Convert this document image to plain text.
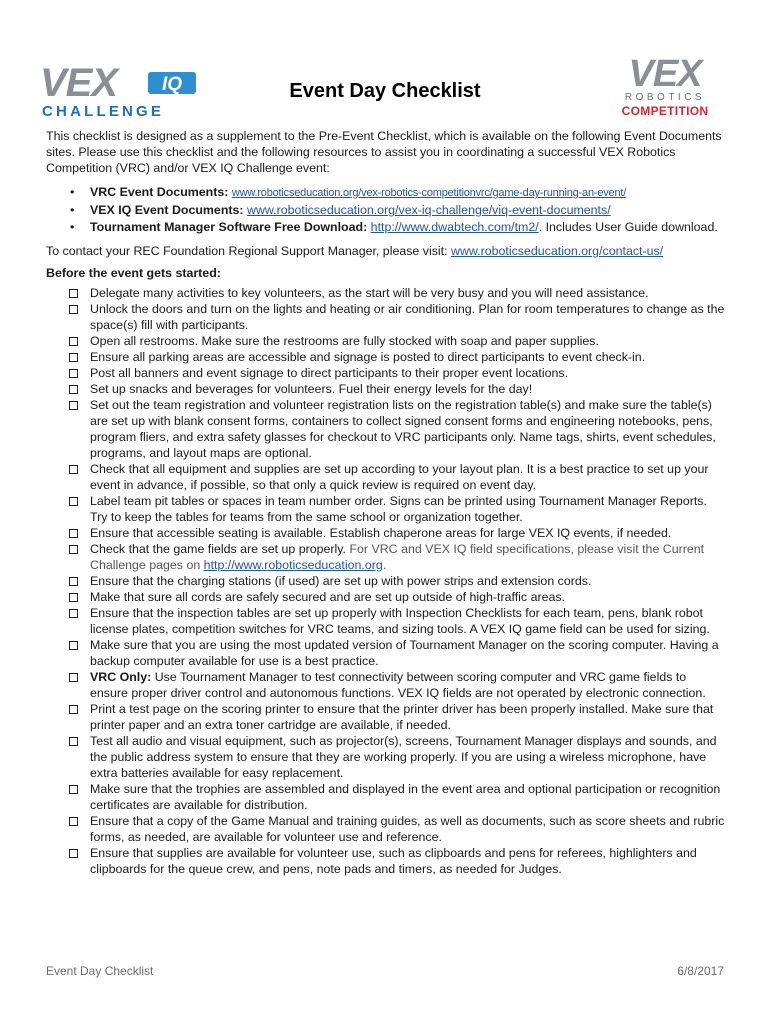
VEX IQ
CHALLENGE
Event Day Checklist	VEX
ROBOTICS
COMPETITION

This checklist is designed as a supplement to the Pre-Event Checklist, which is available on the following Event Documents sites. Please use this checklist and the following resources to assist you in coordinating a successful VEX Robotics Competition (VRC) and/or VEX IQ Challenge event:

• VRC Event Documents: www.roboticseducation.org/vex-robotics-competitionvrc/game-day-running-an-event/
• VEX IQ Event Documents: www.roboticseducation.org/vex-iq-challenge/viq-event-documents/
• Tournament Manager Software Free Download: http://www.dwabtech.com/tm2/. Includes User Guide download.

To contact your REC Foundation Regional Support Manager, please visit: www.roboticseducation.org/contact-us/

Before the event gets started:
Delegate many activities to key volunteers, as the start will be very busy and you will need assistance.
Unlock the doors and turn on the lights and heating or air conditioning. Plan for room temperatures to change as the space(s) fill with participants.
Open all restrooms. Make sure the restrooms are fully stocked with soap and paper supplies.
Ensure all parking areas are accessible and signage is posted to direct participants to event check-in.
Post all banners and event signage to direct participants to their proper event locations.
Set up snacks and beverages for volunteers. Fuel their energy levels for the day!
Set out the team registration and volunteer registration lists on the registration table(s) and make sure the table(s) are set up with blank consent forms, containers to collect signed consent forms and engineering notebooks, pens, program fliers, and extra safety glasses for checkout to VRC participants only. Name tags, shirts, event schedules, programs, and layout maps are optional.
Check that all equipment and supplies are set up according to your layout plan. It is a best practice to set up your event in advance, if possible, so that only a quick review is required on event day.
Label team pit tables or spaces in team number order. Signs can be printed using Tournament Manager Reports. Try to keep the tables for teams from the same school or organization together.
Ensure that accessible seating is available. Establish chaperone areas for large VEX IQ events, if needed.
Check that the game fields are set up properly. For VRC and VEX IQ field specifications, please visit the Current Challenge pages on http://www.roboticseducation.org.
Ensure that the charging stations (if used) are set up with power strips and extension cords.
Make that sure all cords are safely secured and are set up outside of high-traffic areas.
Ensure that the inspection tables are set up properly with Inspection Checklists for each team, pens, blank robot license plates, competition switches for VRC teams, and sizing tools. A VEX IQ game field can be used for sizing.
Make sure that you are using the most updated version of Tournament Manager on the scoring computer. Having a backup computer available for use is a best practice.
VRC Only: Use Tournament Manager to test connectivity between scoring computer and VRC game fields to ensure proper driver control and autonomous functions. VEX IQ fields are not operated by electronic connection.
Print a test page on the scoring printer to ensure that the printer driver has been properly installed. Make sure that printer paper and an extra toner cartridge are available, if needed.
Test all audio and visual equipment, such as projector(s), screens, Tournament Manager displays and sounds, and the public address system to ensure that they are working properly. If you are using a wireless microphone, have extra batteries available for easy replacement.
Make sure that the trophies are assembled and displayed in the event area and optional participation or recognition certificates are available for distribution.
Ensure that a copy of the Game Manual and training guides, as well as documents, such as score sheets and rubric forms, as needed, are available for volunteer use and reference.
Ensure that supplies are available for volunteer use, such as clipboards and pens for referees, highlighters and clipboards for the queue crew, and pens, note pads and timers, as needed for Judges.
Event Day Checklist	6/8/2017
